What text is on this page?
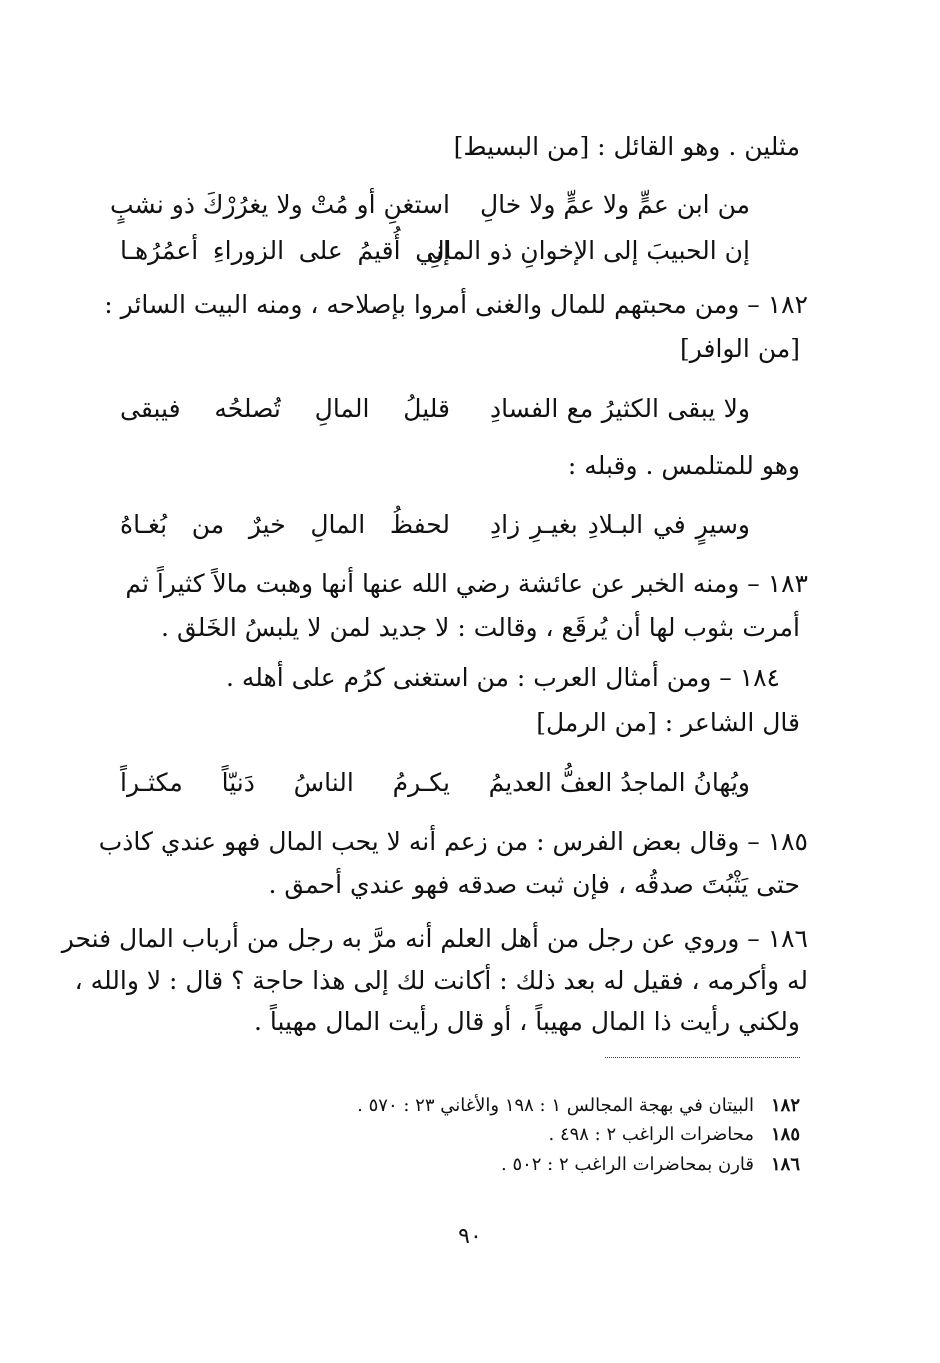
مثلين . وهو القائل : [من البسيط]
استغنِ أو مُتْ ولا يغرُرْكَ ذو نشبٍ من ابن عمٍّ ولا عمٍّ ولا خالِ
إني أُقيمُ على الزوراءِ أعمُرُهـا
إن الحبيبَ إلى الإخوانِ ذو المالِ
١٨٢ – ومن محبتهم للمال والغنى أمروا بإصلاحه ، ومنه البيت السائر :
[من الوافر]
قليلُ المالِ تُصلحُه فيبقى ولا يبقى الكثيرُ مع الفسادِ
وهو للمتلمس . وقبله :
لحفظُ المالِ خيرٌ من بُغـاهُ وسيرٍ في البـلادِ بغيـرِ زادِ
١٨٣ – ومنه الخبر عن عائشة رضي الله عنها أنها وهبت مالاً كثيراً ثم
أمرت بثوب لها أن يُرقَع ، وقالت : لا جديد لمن لا يلبسُ الخَلق .
١٨٤ – ومن أمثال العرب : من استغنى كرُم على أهله .
قال الشاعر : [من الرمل]
يكـرمُ الناسُ دَنيّاً مكثـراً ويُهانُ الماجدُ العفُّ العديمُ
١٨٥ – وقال بعض الفرس : من زعم أنه لا يحب المال فهو عندي كاذب
حتى يَثْبُتَ صدقُه ، فإن ثبت صدقه فهو عندي أحمق .
١٨٦ – وروي عن رجل من أهل العلم أنه مرَّ به رجل من أرباب المال فنحر
له وأكرمه ، فقيل له بعد ذلك : أكانت لك إلى هذا حاجة ؟ قال : لا والله ،
ولكني رأيت ذا المال مهيباً ، أو قال رأيت المال مهيباً .
١٨٢البيتان في بهجة المجالس ١ : ١٩٨ والأغاني ٢٣ : ٥٧٠ .
١٨٥محاضرات الراغب ٢ : ٤٩٨ .
١٨٦قارن بمحاضرات الراغب ٢ : ٥٠٢ .
٩٠
